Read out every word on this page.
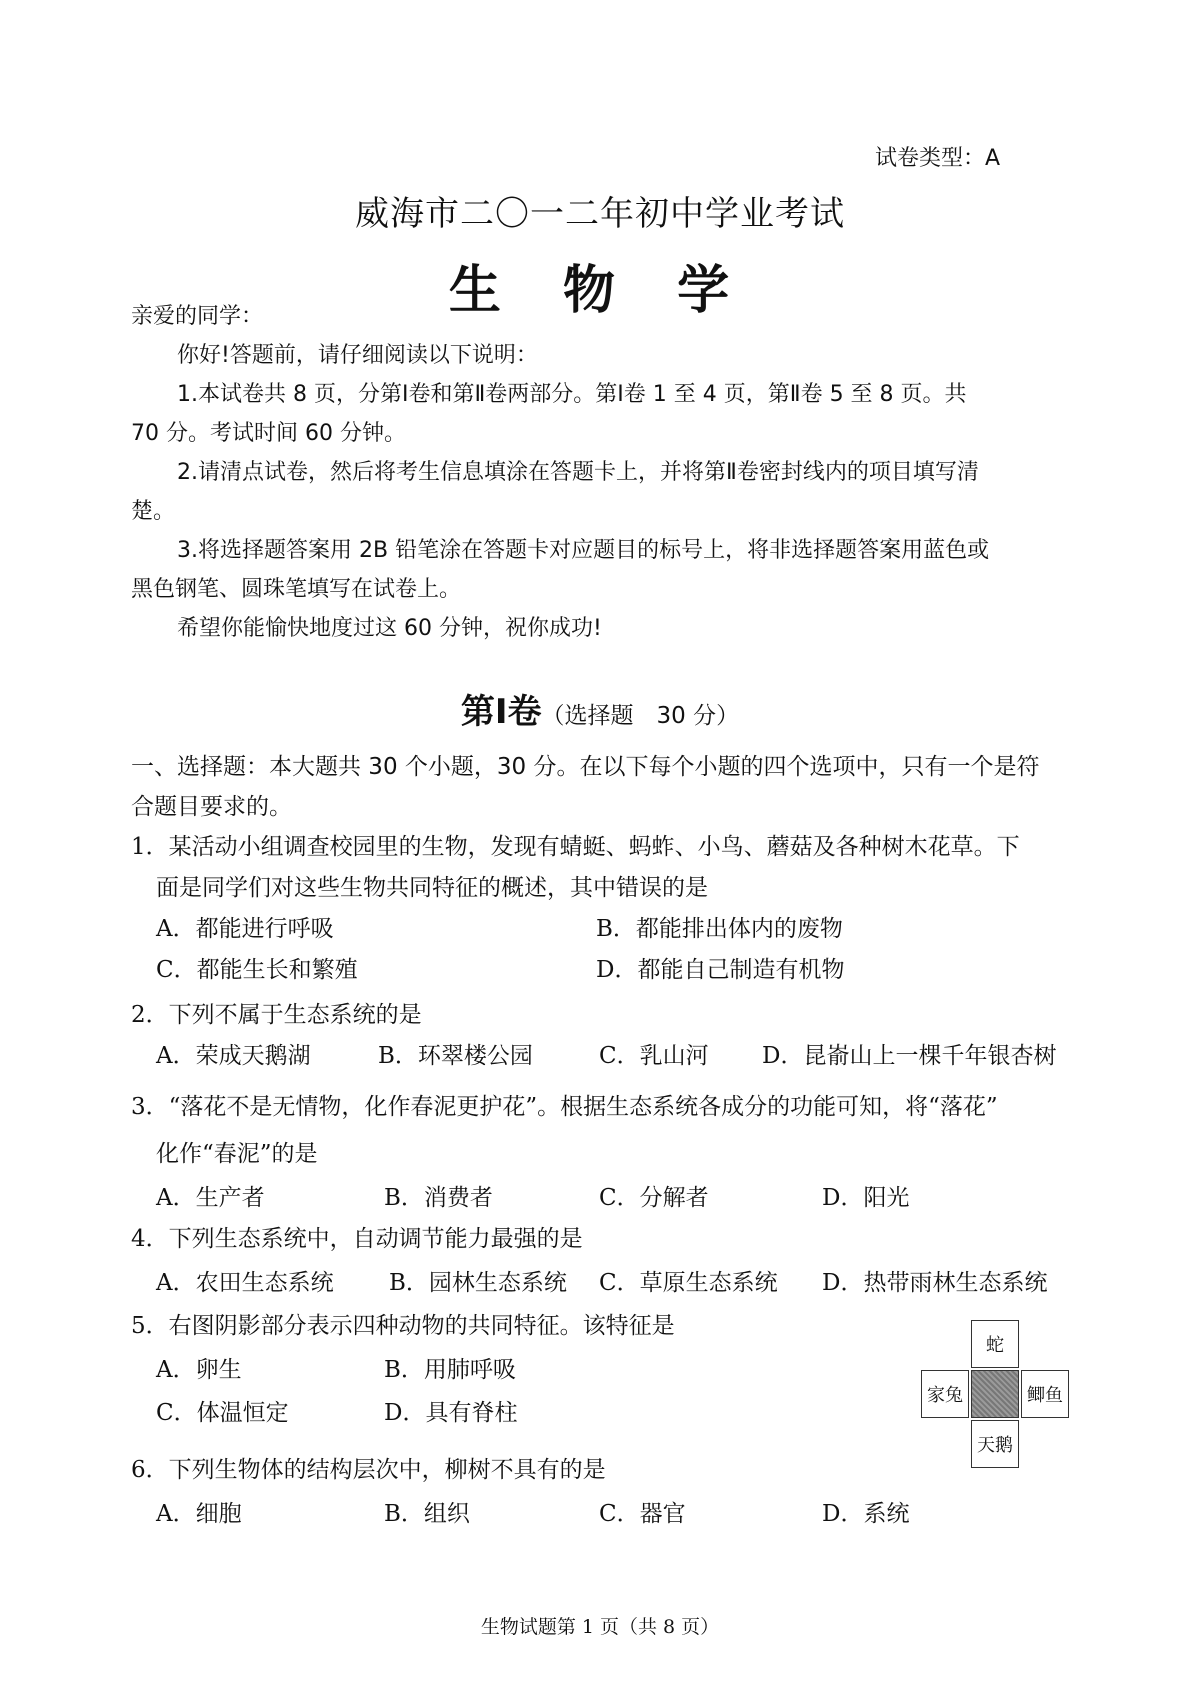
试卷类型：A
威海市二〇一二年初中学业考试
生 物 学
亲爱的同学：
你好!答题前，请仔细阅读以下说明：
1.本试卷共 8 页，分第Ⅰ卷和第Ⅱ卷两部分。第Ⅰ卷 1 至 4 页，第Ⅱ卷 5 至 8 页。共
70 分。考试时间 60 分钟。
2.请清点试卷，然后将考生信息填涂在答题卡上，并将第Ⅱ卷密封线内的项目填写清
楚。
3.将选择题答案用 2B 铅笔涂在答题卡对应题目的标号上，将非选择题答案用蓝色或
黑色钢笔、圆珠笔填写在试卷上。
希望你能愉快地度过这 60 分钟，祝你成功!
第Ⅰ卷（选择题　30 分）
一、选择题：本大题共 30 个小题，30 分。在以下每个小题的四个选项中，只有一个是符
合题目要求的。
1．某活动小组调查校园里的生物，发现有蜻蜓、蚂蚱、小鸟、蘑菇及各种树木花草。下
面是同学们对这些生物共同特征的概述，其中错误的是
A．都能进行呼吸	B．都能排出体内的废物
C．都能生长和繁殖	D．都能自己制造有机物
2．下列不属于生态系统的是
A．荣成天鹅湖	B．环翠楼公园	C．乳山河 D．昆嵛山上一棵千年银杏树
3．“落花不是无情物，化作春泥更护花”。根据生态系统各成分的功能可知，将“落花”
化作“春泥”的是
A．生产者	B．消费者	C．分解者	D．阳光
4．下列生态系统中，自动调节能力最强的是
A．农田生态系统 B．园林生态系统 C．草原生态系统 D．热带雨林生态系统
5．右图阴影部分表示四种动物的共同特征。该特征是
A．卵生	B．用肺呼吸
C．体温恒定	D．具有脊柱
蛇
家兔	鲫鱼
天鹅
6．下列生物体的结构层次中，柳树不具有的是
A．细胞	B．组织	C．器官	D．系统
生物试题第 1 页（共 8 页）
